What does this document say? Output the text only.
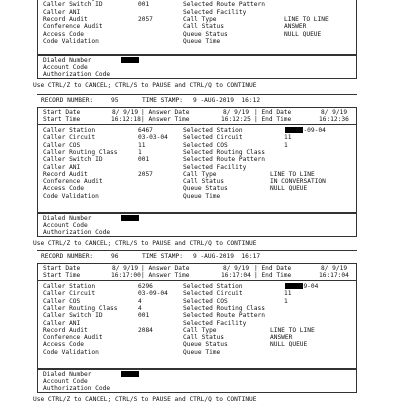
Caller Switch ID	001	Selected Route Pattern
Caller ANI	Selected Facility
Record Audit	2057	Call Type	LINE TO LINE
Conference Audit	Call Status	ANSWER
Access Code	Queue Status	NULL QUEUE
Code Validation	Queue Time
Dialed Number
Account Code
Authorization Code
Use CTRL/Z to CANCEL; CTRL/S to PAUSE and CTRL/Q to CONTINUE
RECORD NUMBER:	95	TIME STAMP: 9 -AUG-2019  16:12
Start Date	8/ 9/19 | Answer Date	8/ 9/19 | End Date	8/ 9/19
Start Time	16:12:18 | Answer Time	16:12:25 | End Time	16:12:36
Caller Station	6467	Selected Station	03-09-04
Caller Circuit	03-03-04 Selected Circuit	11
Caller COS	11	Selected COS	1
Caller Routing Class	1	Selected Routing Class
Caller Switch ID	001	Selected Route Pattern
Caller ANI	Selected Facility
Record Audit	2057	Call Type	LINE TO LINE
Conference Audit	Call Status	IN CONVERSATION
Access Code	Queue Status	NULL QUEUE
Code Validation	Queue Time
Dialed Number
Account Code
Authorization Code
Use CTRL/Z to CANCEL; CTRL/S to PAUSE and CTRL/Q to CONTINUE
RECORD NUMBER:	96	TIME STAMP: 9 -AUG-2019  16:17
Start Date	8/ 9/19 | Answer Date	8/ 9/19 | End Date	8/ 9/19
Start Time	16:17:00 | Answer Time	16:17:04 | End Time	16:17:04
Caller Station	6296	Selected Station	-09-04
Caller Circuit	03-09-04 Selected Circuit	11
Caller COS	4	Selected COS	1
Caller Routing Class	4	Selected Routing Class
Caller Switch ID	001	Selected Route Pattern
Caller ANI	Selected Facility
Record Audit	2084	Call Type	LINE TO LINE
Conference Audit	Call Status	ANSWER
Access Code	Queue Status	NULL QUEUE
Code Validation	Queue Time
Dialed Number
Account Code
Authorization Code
Use CTRL/Z to CANCEL; CTRL/S to PAUSE and CTRL/Q to CONTINUE
